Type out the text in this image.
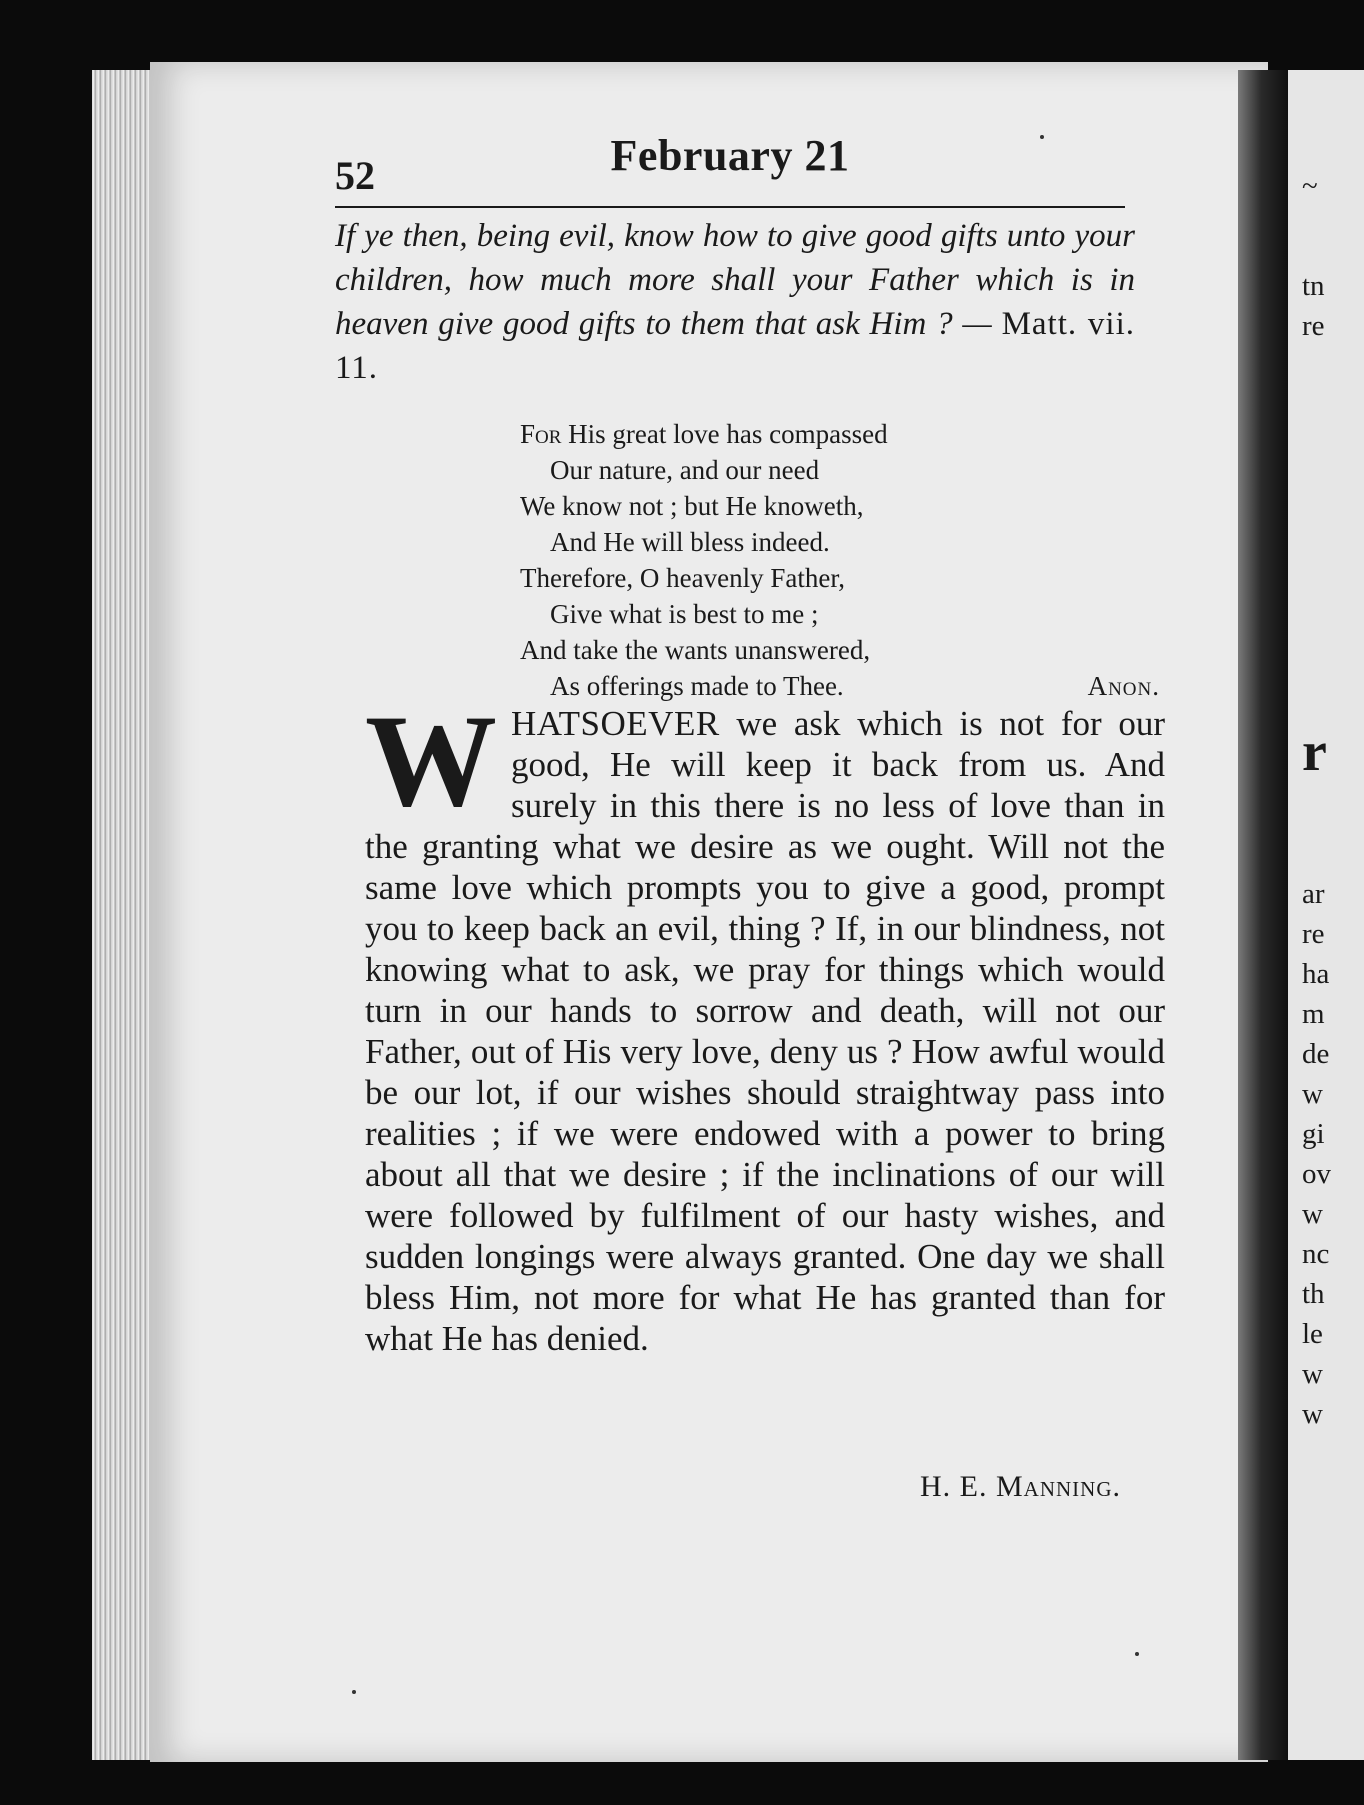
~
tn
re
r
ar
re
ha
m
de
w
gi
ov
w
nc
th
le
w
w
52	February 21
If ye then, being evil, know how to give good gifts unto your children, how much more shall your Father which is in heaven give good gifts to them that ask Him ? — Matt. vii. 11.
For His great love has compassed
Our nature, and our need
We know not ; but He knoweth,
And He will bless indeed.
Therefore, O heavenly Father,
Give what is best to me ;
And take the wants unanswered,
As offerings made to Thee.	Anon.
WHATSOEVER we ask which is not for our good, He will keep it back from us. And surely in this there is no less of love than in the granting what we desire as we ought. Will not the same love which prompts you to give a good, prompt you to keep back an evil, thing ? If, in our blindness, not knowing what to ask, we pray for things which would turn in our hands to sorrow and death, will not our Father, out of His very love, deny us ? How awful would be our lot, if our wishes should straightway pass into realities ; if we were endowed with a power to bring about all that we desire ; if the inclinations of our will were followed by fulfilment of our hasty wishes, and sudden longings were always granted. One day we shall bless Him, not more for what He has granted than for what He has denied.
H. E. Manning.
